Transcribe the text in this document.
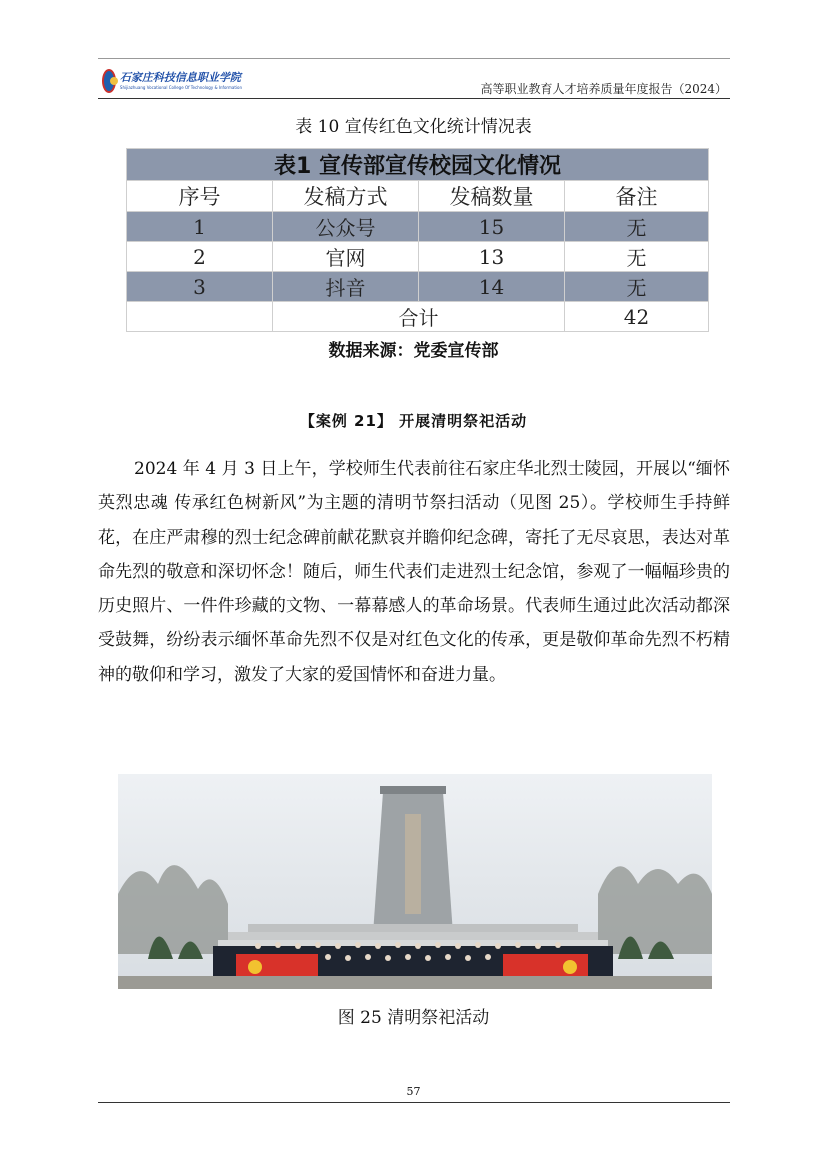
石家庄科技信息职业学院
Shijiazhuang Vocational College Of Technology & Information	高等职业教育人才培养质量年度报告（2024）
表 10 宣传红色文化统计情况表
表1 宣传部宣传校园文化情况			
序号	发稿方式	发稿数量	备注
1	公众号	15	无
2	官网	13	无
3	抖音	14	无
	合计		42
数据来源：党委宣传部
【案例 21】 开展清明祭祀活动

2024 年 4 月 3 日上午，学校师生代表前往石家庄华北烈士陵园，开展以“缅怀英烈忠魂 传承红色树新风”为主题的清明节祭扫活动（见图 25）。学校师生手持鲜花，在庄严肃穆的烈士纪念碑前献花默哀并瞻仰纪念碑，寄托了无尽哀思，表达对革命先烈的敬意和深切怀念！随后，师生代表们走进烈士纪念馆，参观了一幅幅珍贵的历史照片、一件件珍藏的文物、一幕幕感人的革命场景。代表师生通过此次活动都深受鼓舞，纷纷表示缅怀革命先烈不仅是对红色文化的传承，更是敬仰革命先烈不朽精神的敬仰和学习，激发了大家的爱国情怀和奋进力量。

图 25 清明祭祀活动
57
